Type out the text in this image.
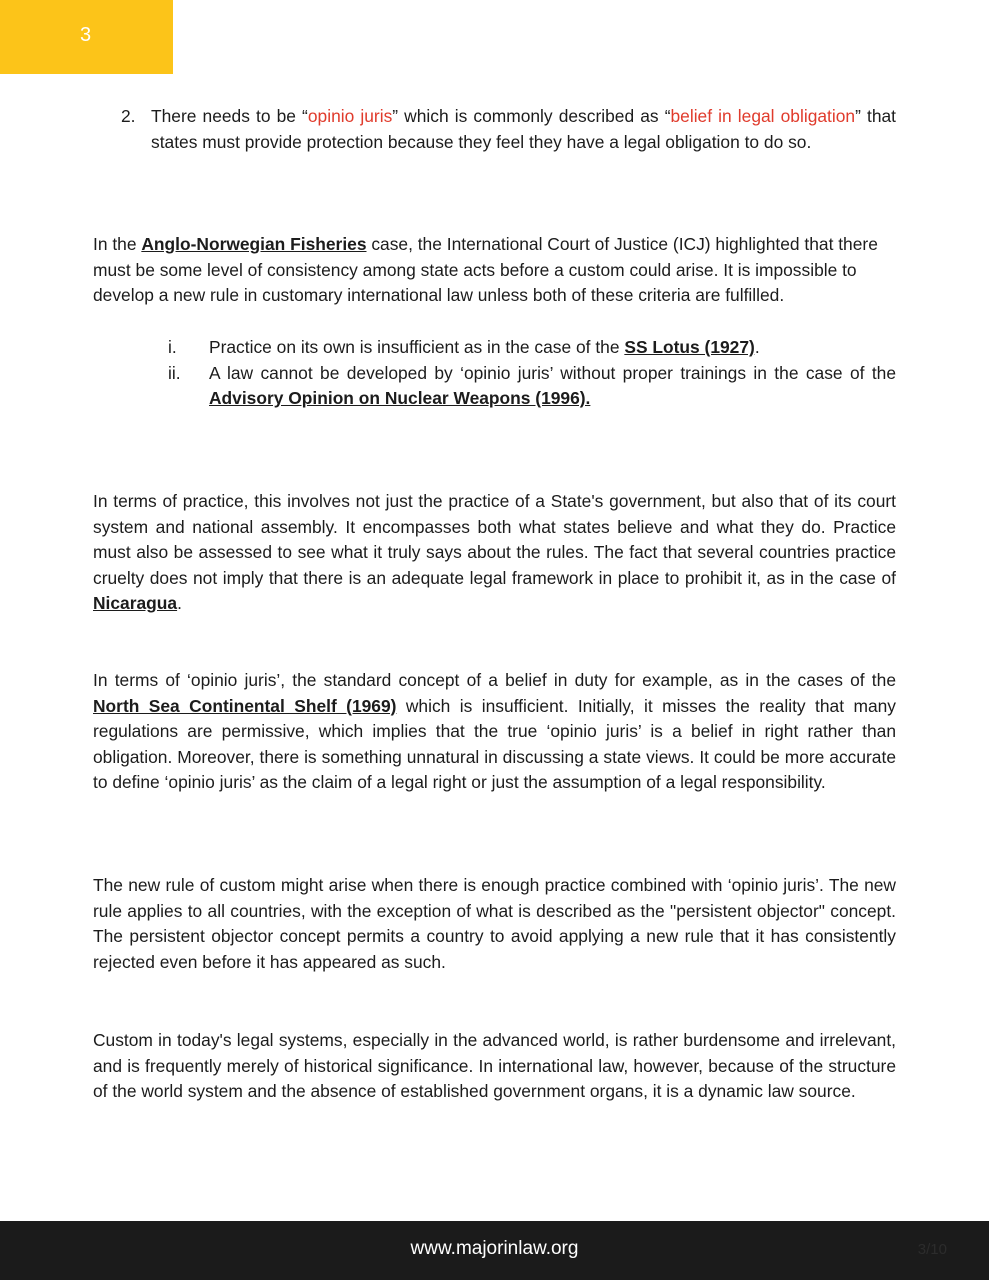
3
2. There needs to be “opinio juris” which is commonly described as “belief in legal obligation” that states must provide protection because they feel they have a legal obligation to do so.

In the Anglo-Norwegian Fisheries case, the International Court of Justice (ICJ) highlighted that there must be some level of consistency among state acts before a custom could arise. It is impossible to develop a new rule in customary international law unless both of these criteria are fulfilled.

i. Practice on its own is insufficient as in the case of the SS Lotus (1927).
ii. A law cannot be developed by ‘opinio juris’ without proper trainings in the case of the Advisory Opinion on Nuclear Weapons (1996).

In terms of practice, this involves not just the practice of a State's government, but also that of its court system and national assembly. It encompasses both what states believe and what they do. Practice must also be assessed to see what it truly says about the rules. The fact that several countries practice cruelty does not imply that there is an adequate legal framework in place to prohibit it, as in the case of Nicaragua.

In terms of ‘opinio juris’, the standard concept of a belief in duty for example, as in the cases of the North Sea Continental Shelf (1969) which is insufficient. Initially, it misses the reality that many regulations are permissive, which implies that the true ‘opinio juris’ is a belief in right rather than obligation. Moreover, there is something unnatural in discussing a state views. It could be more accurate to define ‘opinio juris’ as the claim of a legal right or just the assumption of a legal responsibility.

The new rule of custom might arise when there is enough practice combined with ‘opinio juris’. The new rule applies to all countries, with the exception of what is described as the "persistent objector" concept. The persistent objector concept permits a country to avoid applying a new rule that it has consistently rejected even before it has appeared as such.

Custom in today's legal systems, especially in the advanced world, is rather burdensome and irrelevant, and is frequently merely of historical significance. In international law, however, because of the structure of the world system and the absence of established government organs, it is a dynamic law source.

www.majorinlaw.org	3/10
